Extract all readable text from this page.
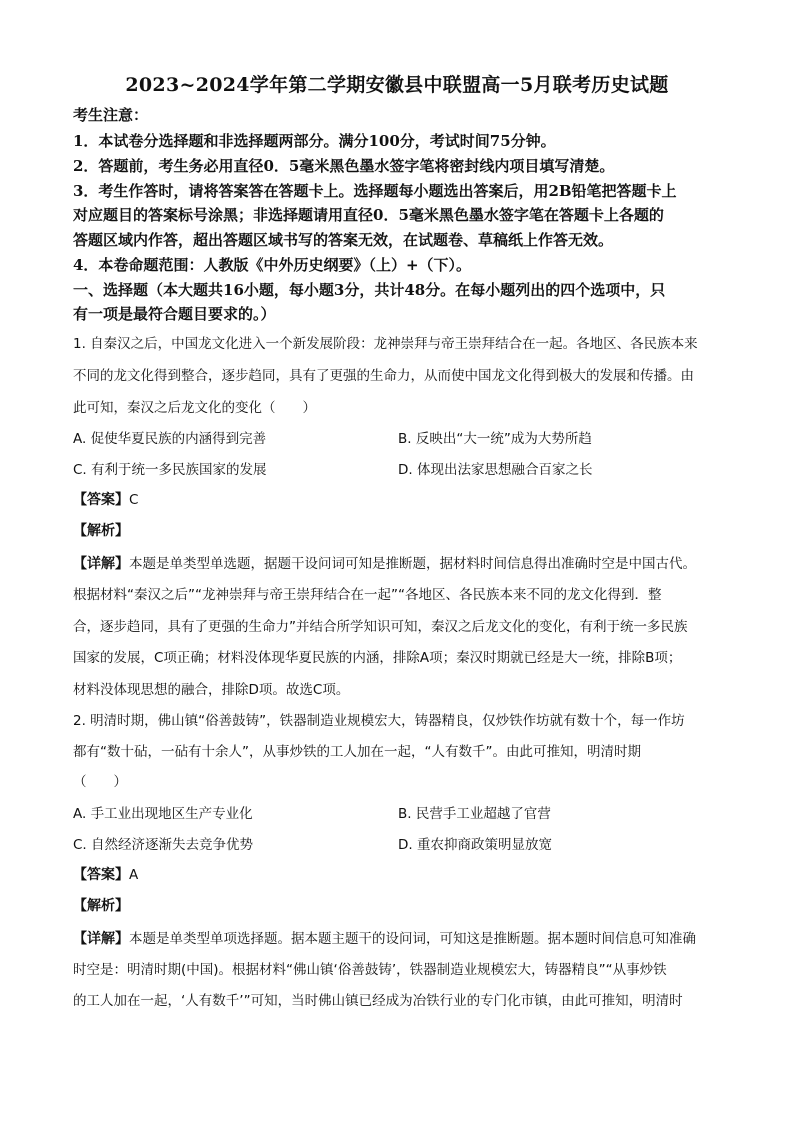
2023~2024学年第二学期安徽县中联盟高一5月联考历史试题
考生注意：
1．本试卷分选择题和非选择题两部分。满分100分，考试时间75分钟。
2．答题前，考生务必用直径0．5毫米黑色墨水签字笔将密封线内项目填写清楚。
3．考生作答时，请将答案答在答题卡上。选择题每小题选出答案后，用2B铅笔把答题卡上
对应题目的答案标号涂黑；非选择题请用直径0．5毫米黑色墨水签字笔在答题卡上各题的
答题区域内作答，超出答题区域书写的答案无效，在试题卷、草稿纸上作答无效。
4．本卷命题范围：人教版《中外历史纲要》（上）+（下）。
一、选择题（本大题共16小题，每小题3分，共计48分。在每小题列出的四个选项中，只
有一项是最符合题目要求的。）
1. 自秦汉之后，中国龙文化进入一个新发展阶段：龙神崇拜与帝王崇拜结合在一起。各地区、各民族本来
不同的龙文化得到整合，逐步趋同，具有了更强的生命力，从而使中国龙文化得到极大的发展和传播。由
此可知，秦汉之后龙文化的变化（　　）
A. 促使华夏民族的内涵得到完善	B. 反映出“大一统”成为大势所趋
C. 有利于统一多民族国家的发展	D. 体现出法家思想融合百家之长
【答案】C
【解析】
【详解】本题是单类型单选题，据题干设问词可知是推断题，据材料时间信息得出准确时空是中国古代。
根据材料“秦汉之后”“龙神崇拜与帝王崇拜结合在一起”“各地区、各民族本来不同的龙文化得到．整
合，逐步趋同，具有了更强的生命力”并结合所学知识可知，秦汉之后龙文化的变化，有利于统一多民族
国家的发展，C项正确；材料没体现华夏民族的内涵，排除A项；秦汉时期就已经是大一统，排除B项；
材料没体现思想的融合，排除D项。故选C项。
2. 明清时期，佛山镇“俗善鼓铸”，铁器制造业规模宏大，铸器精良，仅炒铁作坊就有数十个，每一作坊
都有“数十砧，一砧有十余人”，从事炒铁的工人加在一起，“人有数千”。由此可推知，明清时期
（　　）
A. 手工业出现地区生产专业化	B. 民营手工业超越了官营
C. 自然经济逐渐失去竞争优势	D. 重农抑商政策明显放宽
【答案】A
【解析】
【详解】本题是单类型单项选择题。据本题主题干的设问词，可知这是推断题。据本题时间信息可知准确
时空是：明清时期(中国)。根据材料“佛山镇‘俗善鼓铸’，铁器制造业规模宏大，铸器精良”“从事炒铁
的工人加在一起，‘人有数千’”可知，当时佛山镇已经成为冶铁行业的专门化市镇，由此可推知，明清时
